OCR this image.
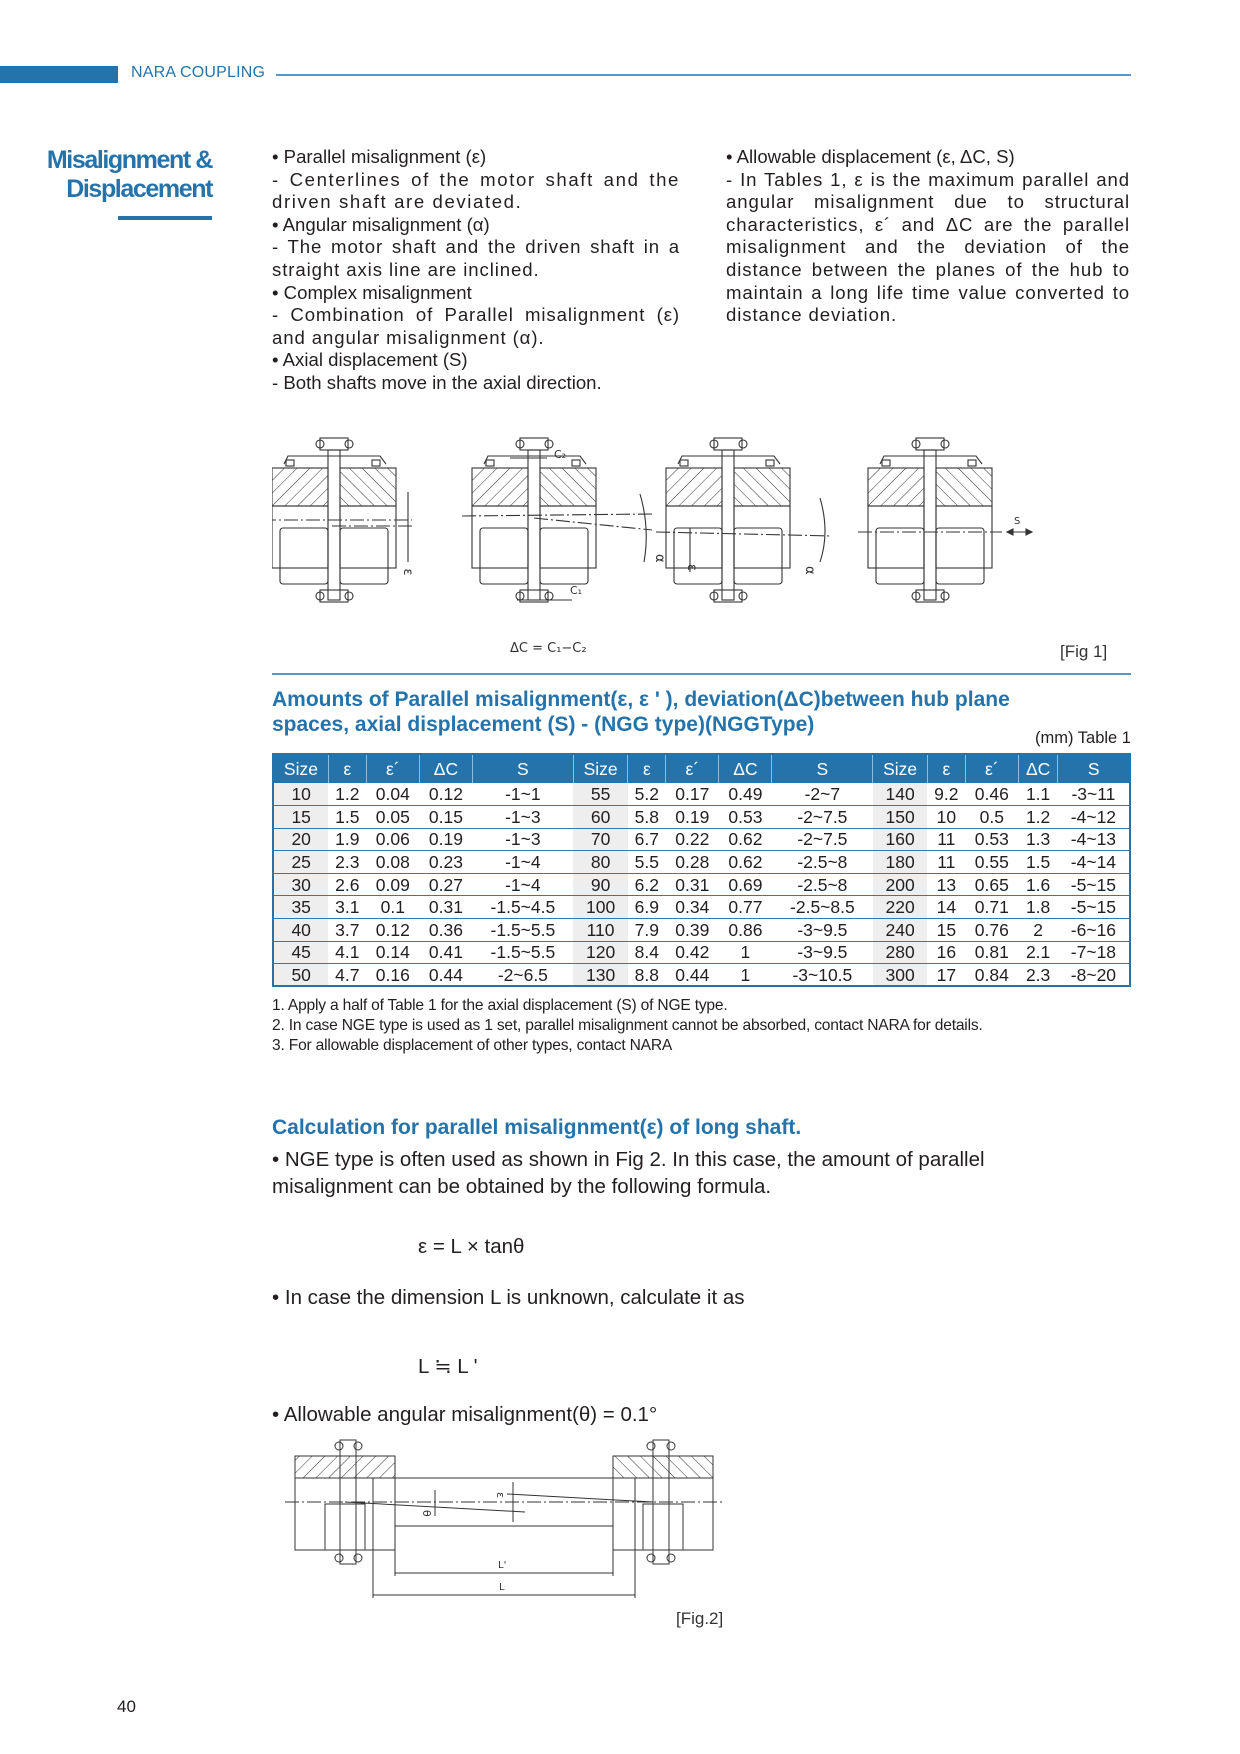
NARA COUPLING
Misalignment &
Displacement

• Parallel misalignment (ε)

- Centerlines of the motor shaft and the driven shaft are deviated.

• Angular misalignment (α)

- The motor shaft and the driven shaft in a straight axis line are inclined.

• Complex misalignment

- Combination of Parallel misalignment (ε) and angular misalignment (α).

• Axial displacement (S)

- Both shafts move in the axial direction.

• Allowable displacement (ε, ΔC, S)

- In Tables 1, ε is the maximum parallel and angular misalignment due to structural characteristics, ε´ and ΔC are the parallel misalignment and the deviation of the distance between the planes of the hub to maintain a long life time value converted to distance deviation.

ε
α
C₂
C₁
ε	α
S
ΔC = C₁−C₂	[Fig 1]
Amounts of Parallel misalignment(ε, ε ' ), deviation(ΔC)between hub plane spaces, axial displacement (S) - (NGG type)(NGGType)
(mm) Table 1
Size	ε	ε´	ΔC	S	Size	ε	ε´	ΔC	S	Size	ε	ε´	ΔC	S
10	1.2	0.04	0.12	-1~1	55	5.2	0.17	0.49	-2~7	140	9.2	0.46	1.1	-3~11
15	1.5	0.05	0.15	-1~3	60	5.8	0.19	0.53	-2~7.5	150	10	0.5	1.2	-4~12
20	1.9	0.06	0.19	-1~3	70	6.7	0.22	0.62	-2~7.5	160	11	0.53	1.3	-4~13
25	2.3	0.08	0.23	-1~4	80	5.5	0.28	0.62	-2.5~8	180	11	0.55	1.5	-4~14
30	2.6	0.09	0.27	-1~4	90	6.2	0.31	0.69	-2.5~8	200	13	0.65	1.6	-5~15
35	3.1	0.1	0.31	-1.5~4.5	100	6.9	0.34	0.77	-2.5~8.5	220	14	0.71	1.8	-5~15
40	3.7	0.12	0.36	-1.5~5.5	110	7.9	0.39	0.86	-3~9.5	240	15	0.76	2	-6~16
45	4.1	0.14	0.41	-1.5~5.5	120	8.4	0.42	1	-3~9.5	280	16	0.81	2.1	-7~18
50	4.7	0.16	0.44	-2~6.5	130	8.8	0.44	1	-3~10.5	300	17	0.84	2.3	-8~20
1. Apply a half of Table 1 for the axial displacement (S) of NGE type.
2. In case NGE type is used as 1 set, parallel misalignment cannot be absorbed, contact NARA for details.
3. For allowable displacement of other types, contact NARA
Calculation for parallel misalignment(ε) of long shaft.
• NGE type is often used as shown in Fig 2. In this case, the amount of parallel misalignment can be obtained by the following formula.
ε = L × tanθ
• In case the dimension L is unknown, calculate it as
L ≒ L '
• Allowable angular misalignment(θ) = 0.1°
θ
ε
L'
L
[Fig.2]
40
